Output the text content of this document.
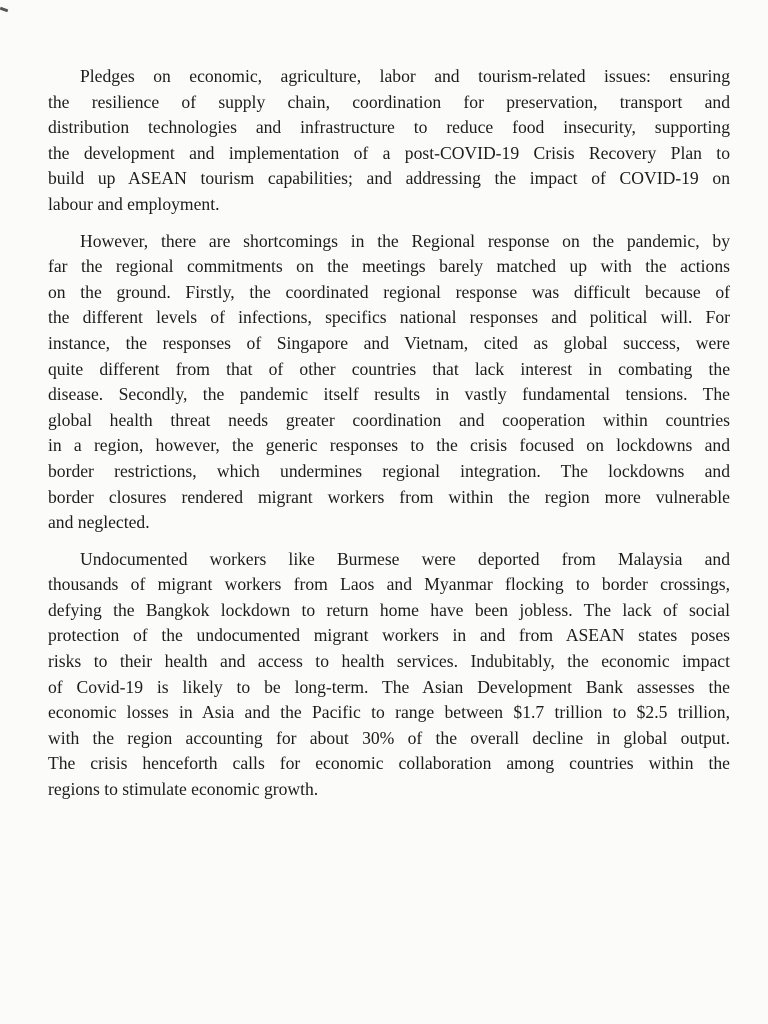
Pledges on economic, agriculture, labor and tourism-related issues: ensuring
the resilience of supply chain, coordination for preservation, transport and
distribution technologies and infrastructure to reduce food insecurity, supporting
the development and implementation of a post-COVID-19 Crisis Recovery Plan to
build up ASEAN tourism capabilities; and addressing the impact of COVID-19 on
labour and employment.

However, there are shortcomings in the Regional response on the pandemic, by
far the regional commitments on the meetings barely matched up with the actions
on the ground. Firstly, the coordinated regional response was difficult because of
the different levels of infections, specifics national responses and political will. For
instance, the responses of Singapore and Vietnam, cited as global success, were
quite different from that of other countries that lack interest in combating the
disease. Secondly, the pandemic itself results in vastly fundamental tensions. The
global health threat needs greater coordination and cooperation within countries
in a region, however, the generic responses to the crisis focused on lockdowns and
border restrictions, which undermines regional integration. The lockdowns and
border closures rendered migrant workers from within the region more vulnerable
and neglected.

Undocumented workers like Burmese were deported from Malaysia and
thousands of migrant workers from Laos and Myanmar flocking to border crossings,
defying the Bangkok lockdown to return home have been jobless. The lack of social
protection of the undocumented migrant workers in and from ASEAN states poses
risks to their health and access to health services. Indubitably, the economic impact
of Covid-19 is likely to be long-term. The Asian Development Bank assesses the
economic losses in Asia and the Pacific to range between $1.7 trillion to $2.5 trillion,
with the region accounting for about 30% of the overall decline in global output.
The crisis henceforth calls for economic collaboration among countries within the
regions to stimulate economic growth.
